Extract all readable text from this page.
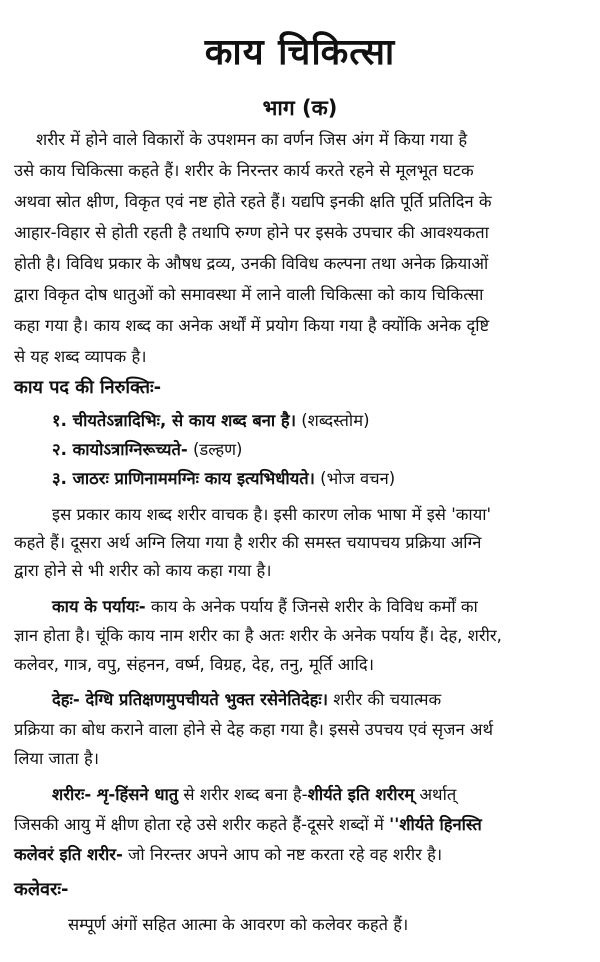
काय चिकित्सा
भाग (क)
शरीर में होने वाले विकारों के उपशमन का वर्णन जिस अंग में किया गया है
उसे काय चिकित्सा कहते हैं। शरीर के निरन्तर कार्य करते रहने से मूलभूत घटक
अथवा स्रोत क्षीण, विकृत एवं नष्ट होते रहते हैं। यद्यपि इनकी क्षति पूर्ति प्रतिदिन के
आहार-विहार से होती रहती है तथापि रुग्ण होने पर इसके उपचार की आवश्यकता
होती है। विविध प्रकार के औषध द्रव्य, उनकी विविध कल्पना तथा अनेक क्रियाओं
द्वारा विकृत दोष धातुओं को समावस्था में लाने वाली चिकित्सा को काय चिकित्सा
कहा गया है। काय शब्द का अनेक अर्थों में प्रयोग किया गया है क्योंकि अनेक दृष्टि
से यह शब्द व्यापक है।
काय पद की निरुक्तिः-
१. चीयतेऽन्नादिभिः, से काय शब्द बना है। (शब्दस्तोम)
२. कायोऽत्राग्निरूच्यते- (डल्हण)
३. जाठरः प्राणिनाममग्निः काय इत्यभिधीयते। (भोज वचन)
इस प्रकार काय शब्द शरीर वाचक है। इसी कारण लोक भाषा में इसे 'काया'
कहते हैं। दूसरा अर्थ अग्नि लिया गया है शरीर की समस्त चयापचय प्रक्रिया अग्नि
द्वारा होने से भी शरीर को काय कहा गया है।
काय के पर्यायः- काय के अनेक पर्याय हैं जिनसे शरीर के विविध कर्मों का
ज्ञान होता है। चूंकि काय नाम शरीर का है अतः शरीर के अनेक पर्याय हैं। देह, शरीर,
कलेवर, गात्र, वपु, संहनन, वर्ष्म, विग्रह, देह, तनु, मूर्ति आदि।
देहः- देग्धि प्रतिक्षणमुपचीयते भुक्त रसेनेतिदेहः। शरीर की चयात्मक
प्रक्रिया का बोध कराने वाला होने से देह कहा गया है। इससे उपचय एवं सृजन अर्थ
लिया जाता है।
शरीरः- शृ-हिंसने धातु से शरीर शब्द बना है-शीर्यते इति शरीरम् अर्थात्
जिसकी आयु में क्षीण होता रहे उसे शरीर कहते हैं-दूसरे शब्दों में ''शीर्यते हिनस्ति
कलेवरं इति शरीर- जो निरन्तर अपने आप को नष्ट करता रहे वह शरीर है।
कलेवरः-
सम्पूर्ण अंगों सहित आत्मा के आवरण को कलेवर कहते हैं।
